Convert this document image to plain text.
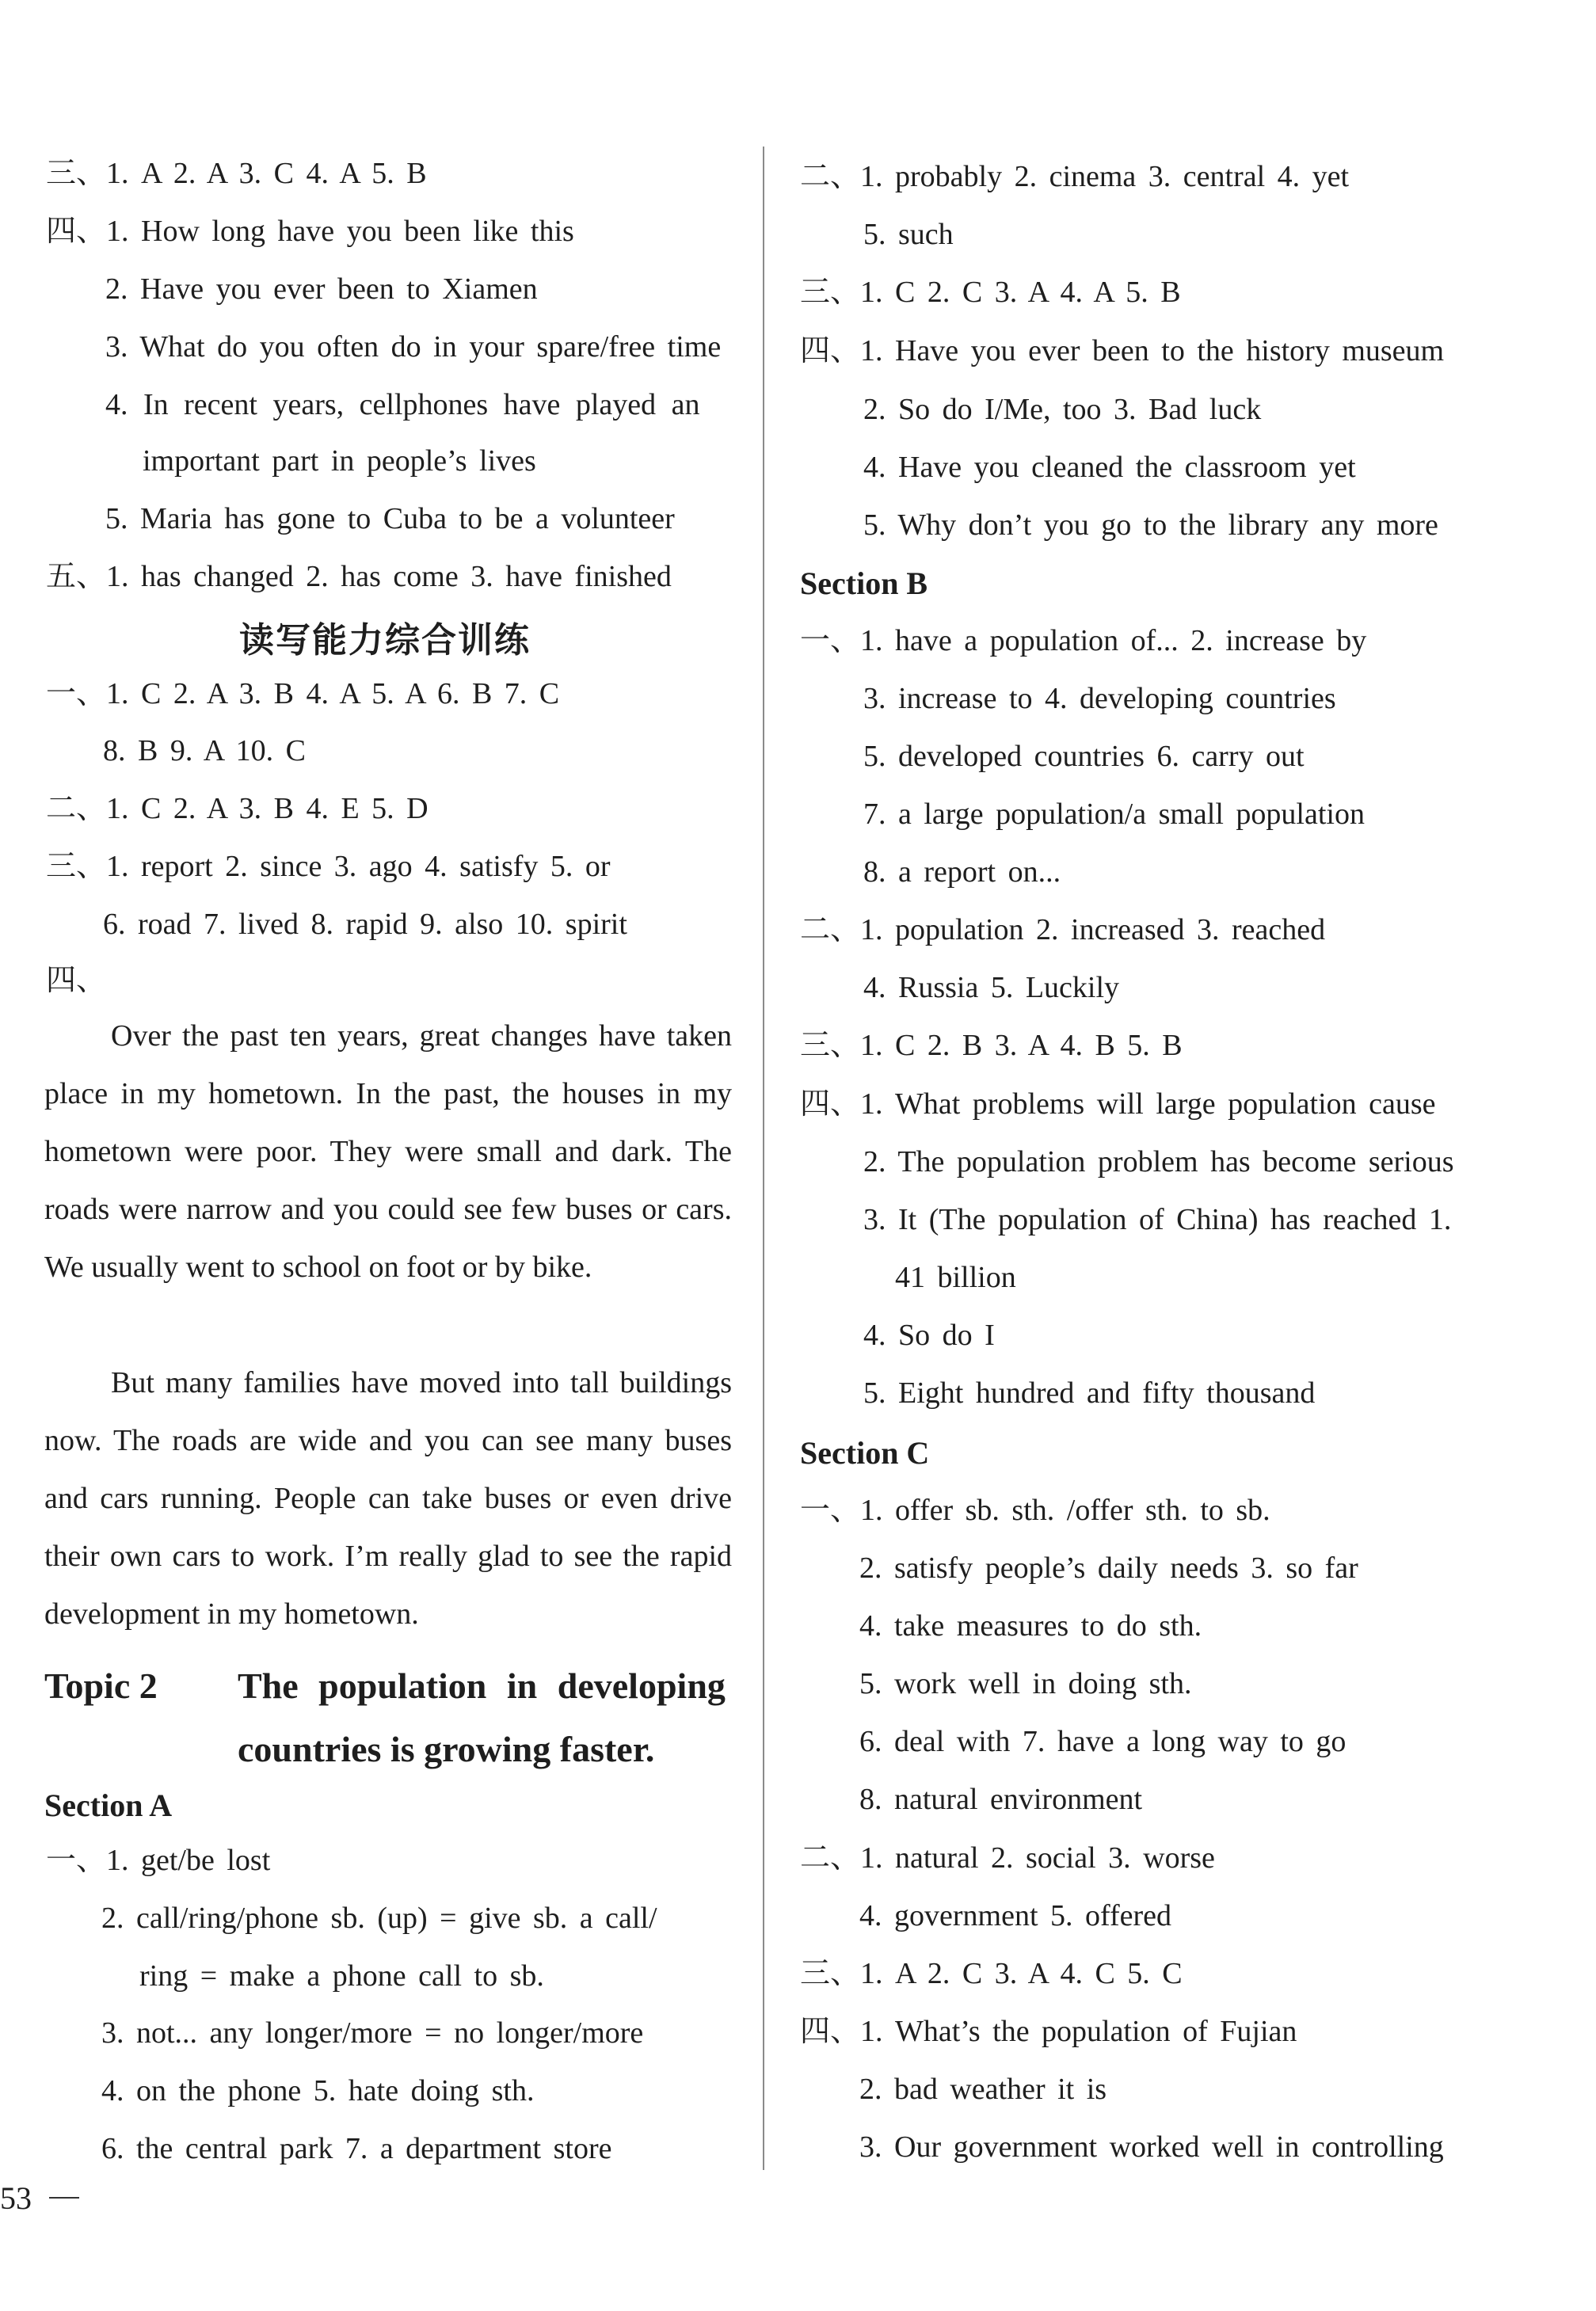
三、1. A 2. A 3. C 4. A 5. B
四、1. How long have you been like this
2. Have you ever been to Xiamen
3. What do you often do in your spare/free time
4. In recent years, cellphones have played an
important part in people’s lives
5. Maria has gone to Cuba to be a volunteer
五、1. has changed 2. has come 3. have finished
读写能力综合训练
一、1. C 2. A 3. B 4. A 5. A 6. B 7. C
8. B 9. A 10. C
二、1. C 2. A 3. B 4. E 5. D
三、1. report 2. since 3. ago 4. satisfy 5. or
6. road 7. lived 8. rapid 9. also 10. spirit
四、

Over the past ten years, great changes have taken place in my hometown. In the past, the houses in my hometown were poor. They were small and dark. The roads were narrow and you could see few buses or cars. We usually went to school on foot or by bike.

But many families have moved into tall buildings now. The roads are wide and you can see many buses and cars running. People can take buses or even drive their own cars to work. I’m really glad to see the rapid development in my hometown.

Topic 2 The population in developing
countries is growing faster.
Section A
一、1. get/be lost
2. call/ring/phone sb. (up) = give sb. a call/
ring = make a phone call to sb.
3. not... any longer/more = no longer/more
4. on the phone 5. hate doing sth.
6. the central park 7. a department store
二、1. probably 2. cinema 3. central 4. yet
5. such
三、1. C 2. C 3. A 4. A 5. B
四、1. Have you ever been to the history museum
2. So do I/Me, too 3. Bad luck
4. Have you cleaned the classroom yet
5. Why don’t you go to the library any more
Section B
一、1. have a population of... 2. increase by
3. increase to 4. developing countries
5. developed countries 6. carry out
7. a large population/a small population
8. a report on...
二、1. population 2. increased 3. reached
4. Russia 5. Luckily
三、1. C 2. B 3. A 4. B 5. B
四、1. What problems will large population cause
2. The population problem has become serious
3. It (The population of China) has reached 1.
41 billion
4. So do I
5. Eight hundred and fifty thousand
Section C
一、1. offer sb. sth. /offer sth. to sb.
2. satisfy people’s daily needs 3. so far
4. take measures to do sth.
5. work well in doing sth.
6. deal with 7. have a long way to go
8. natural environment
二、1. natural 2. social 3. worse
4. government 5. offered
三、1. A 2. C 3. A 4. C 5. C
四、1. What’s the population of Fujian
2. bad weather it is
3. Our government worked well in controlling
53
